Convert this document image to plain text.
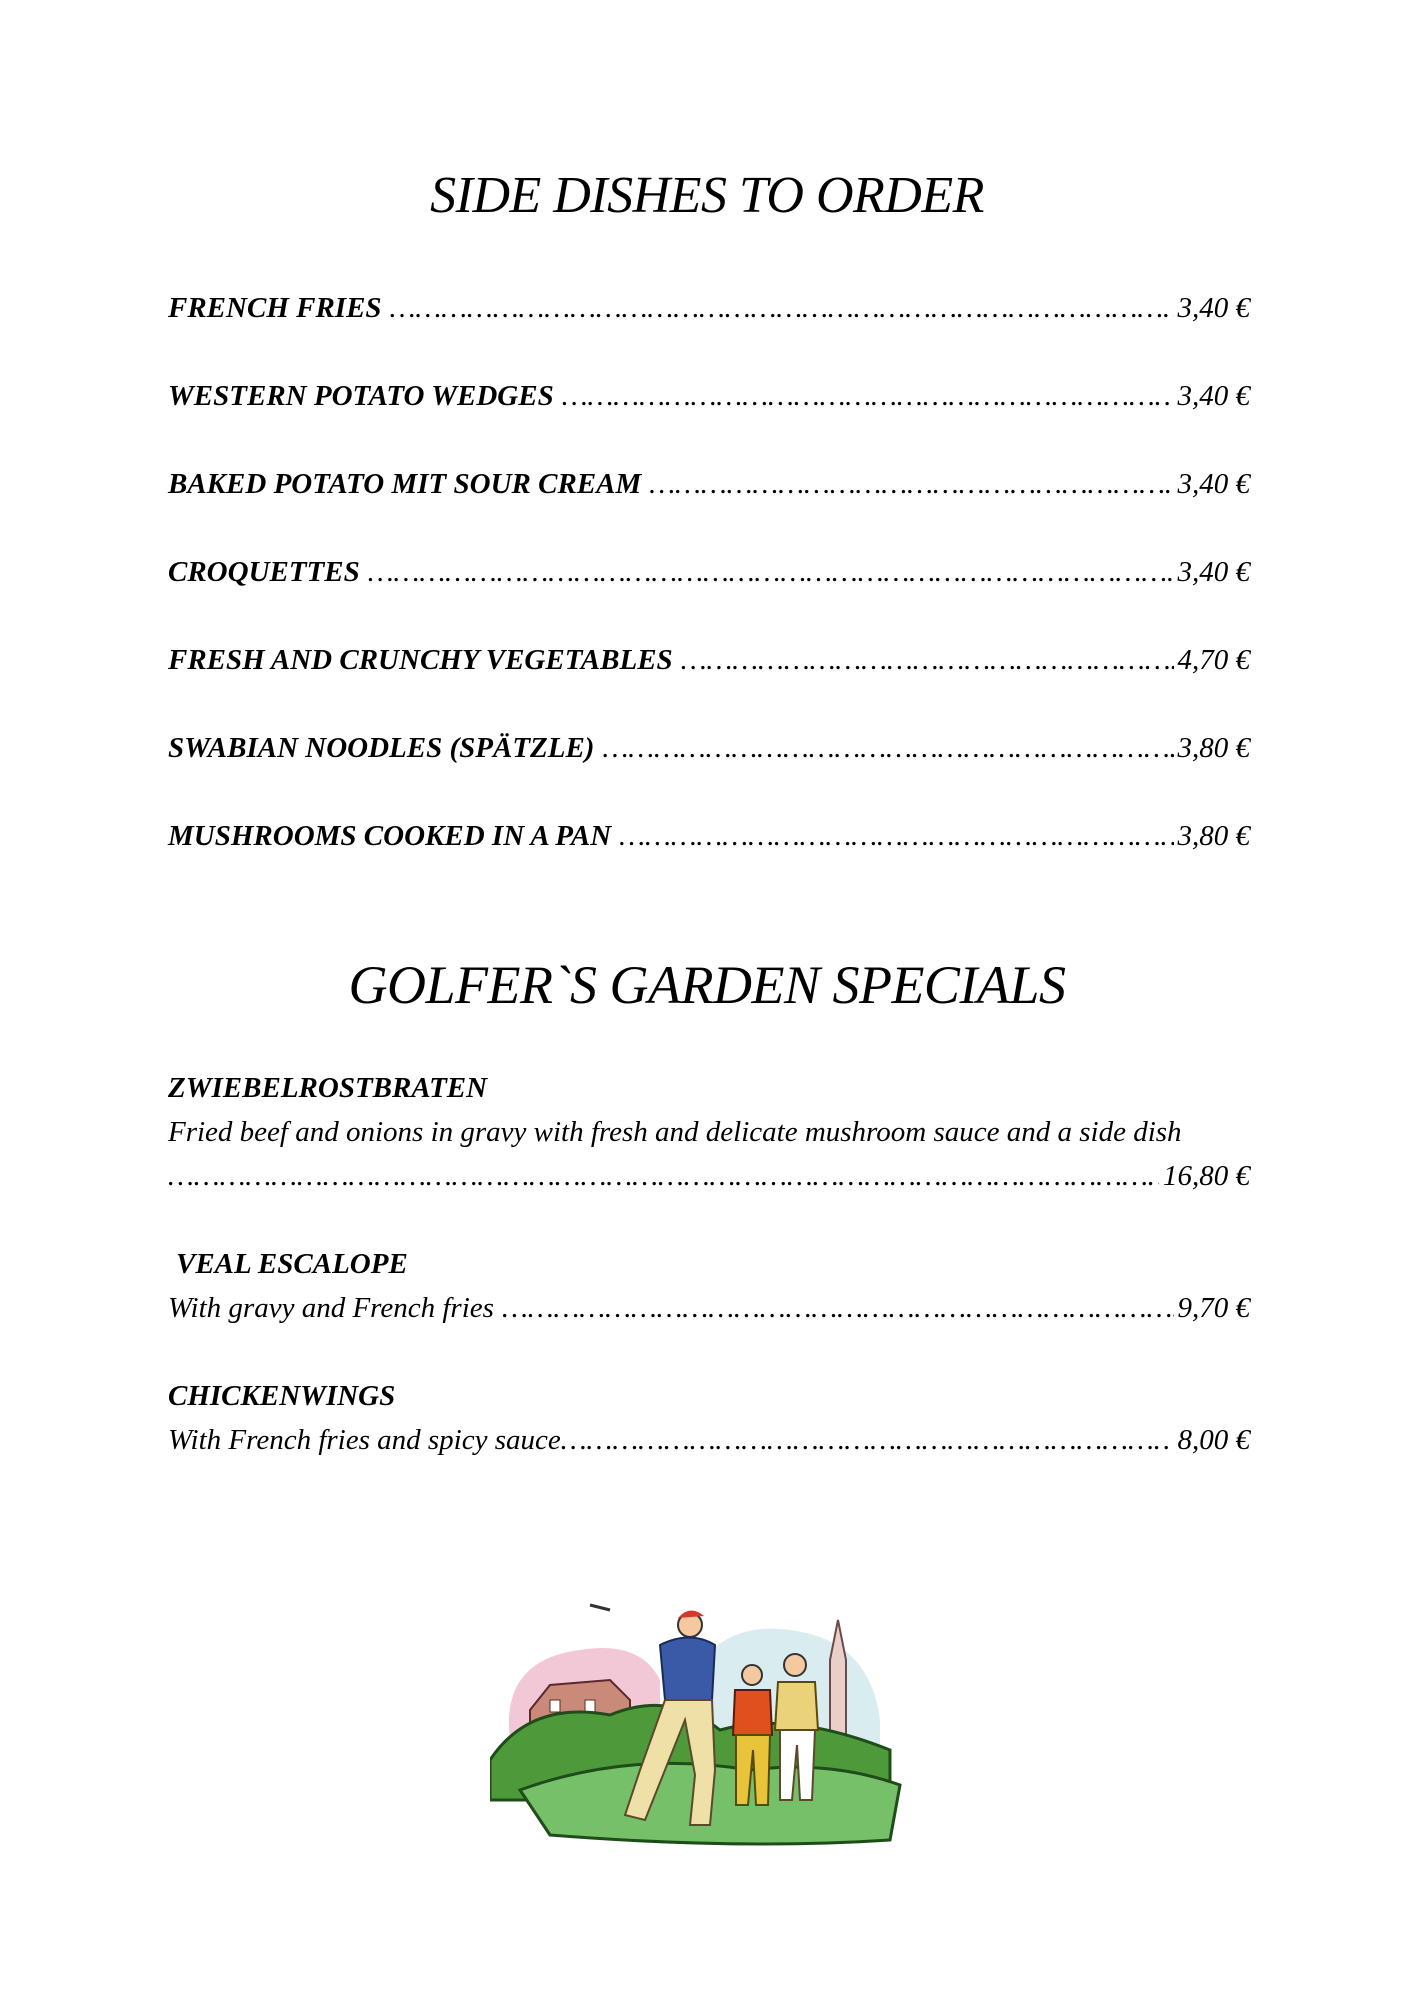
SIDE DISHES TO ORDER
FRENCH FRIES ………………………………………………………………………………………………………………………………………………………………………………………………	3,40 €
WESTERN POTATO WEDGES ………………………………………………………………………………………………………………………………………………………………………………………………	3,40 €
BAKED POTATO MIT SOUR CREAM ………………………………………………………………………………………………………………………………………………………………………………………………	3,40 €
CROQUETTES ………………………………………………………………………………………………………………………………………………………………………………………………	3,40 €
FRESH AND CRUNCHY VEGETABLES ………………………………………………………………………………………………………………………………………………………………………………………………	4,70 €
SWABIAN NOODLES (SPÄTZLE) ………………………………………………………………………………………………………………………………………………………………………………………………	3,80 €
MUSHROOMS COOKED IN A PAN ………………………………………………………………………………………………………………………………………………………………………………………………	3,80 €
GOLFER`S GARDEN SPECIALS
ZWIEBELROSTBRATEN
Fried beef and onions in gravy with fresh and delicate mushroom sauce and a side dish
………………………………………………………………………………………………………………………………………………………………………………………………
16,80 €
VEAL ESCALOPE
With gravy and French fries ………………………………………………………………………………………………………………………………………………………………………………………………	9,70 €
CHICKENWINGS
With French fries and spicy sauce ………………………………………………………………………………………………………………………………………………………………………………………………	8,00 €
